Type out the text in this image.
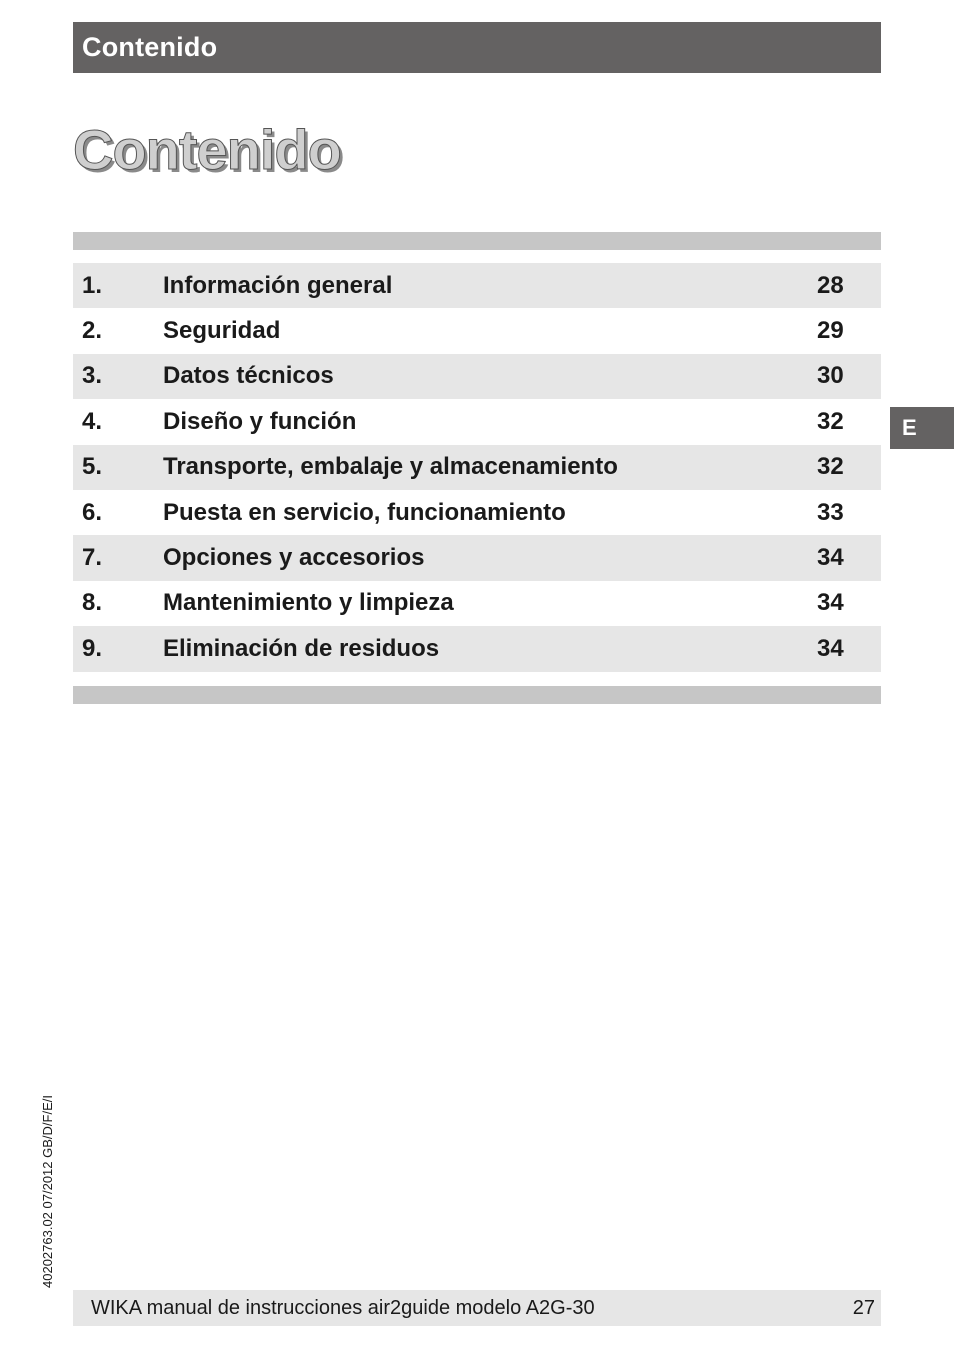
Contenido
Contenido
1.	Información general	28
2.	Seguridad	29
3.	Datos técnicos	30
4.	Diseño y función	32
5.	Transporte, embalaje y almacenamiento	32
6.	Puesta en servicio, funcionamiento	33
7.	Opciones y accesorios	34
8.	Mantenimiento y limpieza	34
9.	Eliminación de residuos	34
E
40202763.02 07/2012 GB/D/F/E/I
WIKA manual de instrucciones air2guide modelo A2G-30	27
